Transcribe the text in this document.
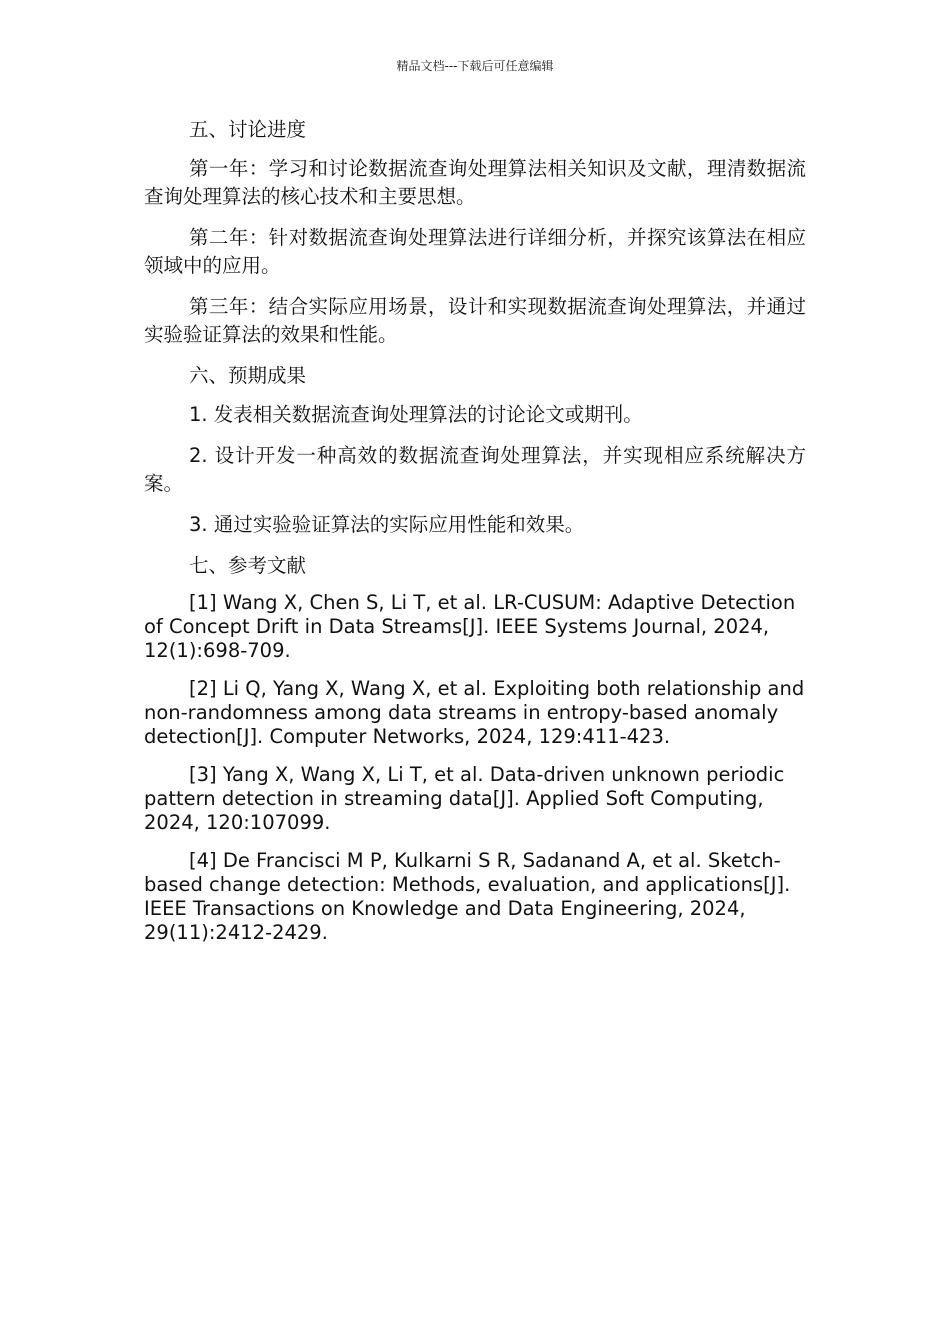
精品文档---下载后可任意编辑

五、讨论进度

第一年：学习和讨论数据流查询处理算法相关知识及文献，理清数据流查询处理算法的核心技术和主要思想。

第二年：针对数据流查询处理算法进行详细分析，并探究该算法在相应领域中的应用。

第三年：结合实际应用场景，设计和实现数据流查询处理算法，并通过实验验证算法的效果和性能。

六、预期成果

1. 发表相关数据流查询处理算法的讨论论文或期刊。

2. 设计开发一种高效的数据流查询处理算法，并实现相应系统解决方案。

3. 通过实验验证算法的实际应用性能和效果。

七、参考文献

[1] Wang X, Chen S, Li T, et al. LR-CUSUM: Adaptive Detection of Concept Drift in Data Streams[J]. IEEE Systems Journal, 2024, 12(1):698-709.

[2] Li Q, Yang X, Wang X, et al. Exploiting both relationship and non-randomness among data streams in entropy-based anomaly detection[J]. Computer Networks, 2024, 129:411-423.

[3] Yang X, Wang X, Li T, et al. Data-driven unknown periodic pattern detection in streaming data[J]. Applied Soft Computing, 2024, 120:107099.

[4] De Francisci M P, Kulkarni S R, Sadanand A, et al. Sketch-based change detection: Methods, evaluation, and applications[J]. IEEE Transactions on Knowledge and Data Engineering, 2024, 29(11):2412-2429.
